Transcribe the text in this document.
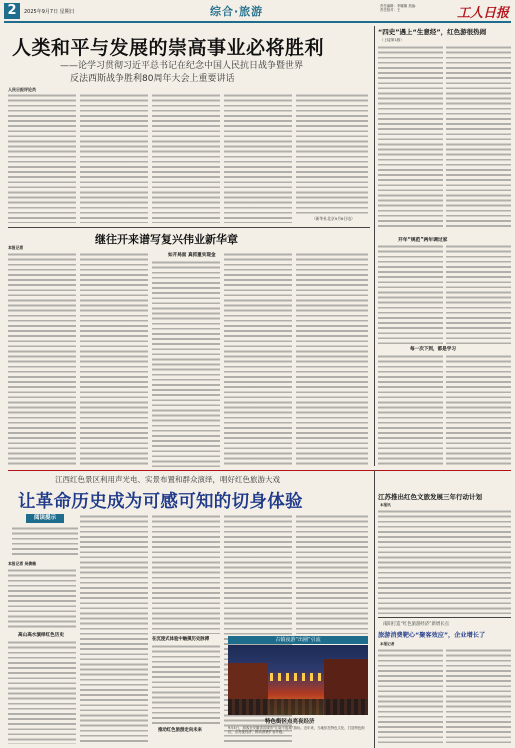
2	2025年9月7日 星期日	综合·旅游	责任编辑：李娜娜 美编：
责任校对：王	工人日报
人类和平与发展的崇高事业必将胜利
——论学习贯彻习近平总书记在纪念中国人民抗日战争暨世界
反法西斯战争胜利80周年大会上重要讲话
人民日报评论员
（新华社北京9月6日电）
“四史”遇上“生意经”，红色游很热闹
（上接第1版）
开年“规范”两年调过家
每一次下到，都是学习
继往开来谱写复兴伟业新华章
本报记者
如开局面 真抓重实现金
江西红色景区利用声光电、实景布置和群众演绎，唱好红色旅游大戏
让革命历史成为可感可知的切身体验
阅读提示
本报记者 吴倩楠
高山高水演绎红色历史
在沉浸式体验中触摸历史脉搏
推动红色旅游走向未来
古镇夜游“出圈”引流
特色街区点亮夜经济
9月4日，游客在安徽省宣城市“江南不夜城”游玩。近年来，当地依托特色文化，打造特色街区，点亮夜经济，推动消费扩容升级。
江苏推出红色文旅发展三年行动计划
本报讯
南阳打造“红色旅游经济”新增长点
旅游消费靶心“聚客效应”，企业增长了
本报记者
